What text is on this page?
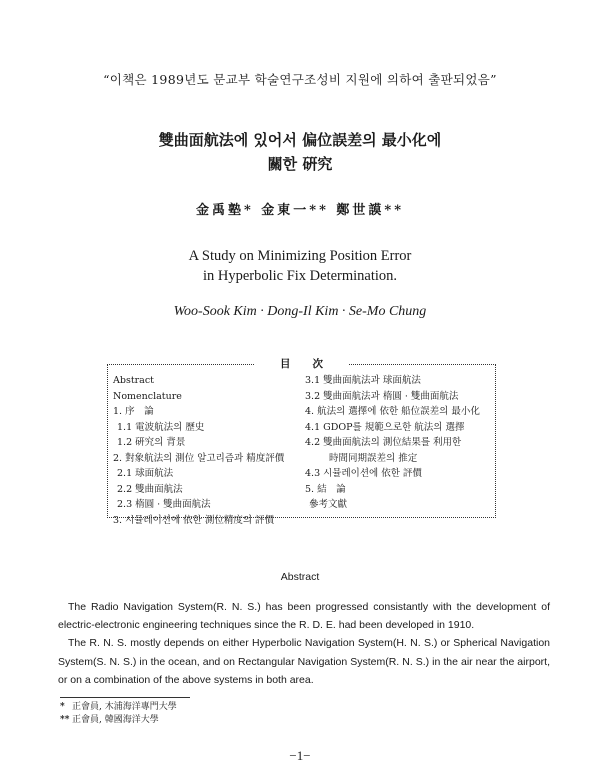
“이책은 1989년도 문교부 학술연구조성비 지원에 의하여 출판되었음”
雙曲面航法에 있어서 偏位誤差의 最小化에
關한 硏究
金禹塾* 金東一** 鄭世謨**
A Study on Minimizing Position Error
in Hyperbolic Fix Determination.
Woo-Sook Kim · Dong-Il Kim · Se-Mo Chung
目次
Abstract
Nomenclature
1. 序　論
1.1 電波航法의 歷史
1.2 硏究의 背景
2. 對象航法의 測位 알고리즘과 精度評價
2.1 球面航法
2.2 雙曲面航法
2.3 楕圓 · 雙曲面航法
3. 시뮬레이션에 依한 測位精度의 評價
3.1 雙曲面航法과 球面航法
3.2 雙曲面航法과 楕圓 · 雙曲面航法
4. 航法의 選擇에 依한 船位誤差의 最小化
4.1 GDOP를 規範으로한 航法의 選擇
4.2 雙曲面航法의 測位結果를 利用한
時間同期誤差의 推定
4.3 시뮬레이션에 依한 評價
5. 結　論
參考文獻
Abstract

The Radio Navigation System(R. N. S.) has been progressed consistantly with the development of electric-electronic engineering techniques since the R. D. E. had been developed in 1910.

The R. N. S. mostly depends on either Hyperbolic Navigation System(H. N. S.) or Spherical Navigation System(S. N. S.) in the ocean, and on Rectangular Navigation System(R. N. S.) in the air near the airport, or on a combination of the above systems in both area.

* 正會員, 木浦海洋專門大學
** 正會員, 韓國海洋大學
−1−
